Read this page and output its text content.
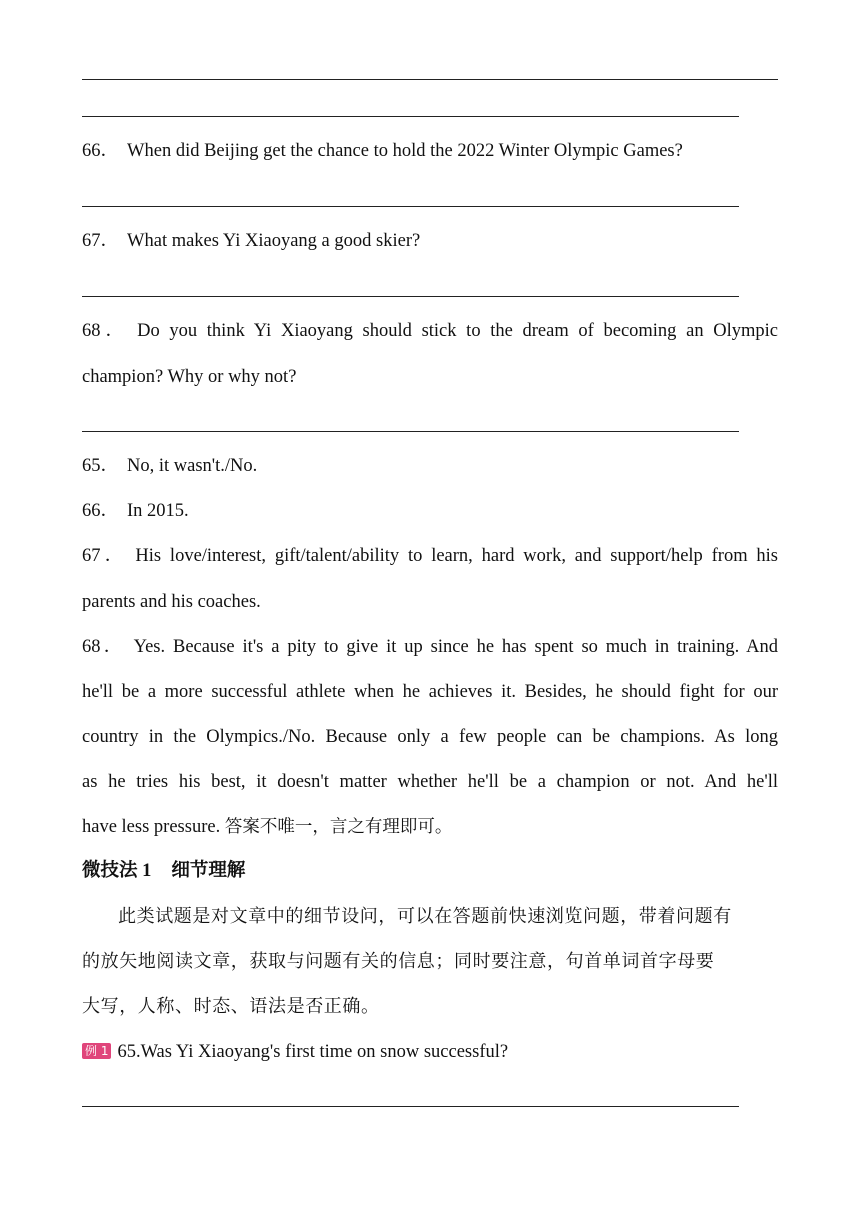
66． When did Beijing get the chance to hold the 2022 Winter Olympic Games?
67． What makes Yi Xiaoyang a good skier?
68． Do you think Yi Xiaoyang should stick to the dream of becoming an Olympic
champion? Why or why not?
65． No, it wasn't./No.
66． In 2015.
67． His love/interest, gift/talent/ability to learn, hard work, and support/help from his
parents and his coaches.
68． Yes. Because it's a pity to give it up since he has spent so much in training. And
he'll be a more successful athlete when he achieves it. Besides, he should fight for our
country in the Olympics./No. Because only a few people can be champions. As long
as he tries his best, it doesn't matter whether he'll be a champion or not. And he'll
have less pressure. 答案不唯一，言之有理即可。
微技法 1 细节理解
此类试题是对文章中的细节设问，可以在答题前快速浏览问题，带着问题有
的放矢地阅读文章，获取与问题有关的信息；同时要注意，句首单词首字母要
大写，人称、时态、语法是否正确。
例 1 65.Was Yi Xiaoyang's first time on snow successful?
